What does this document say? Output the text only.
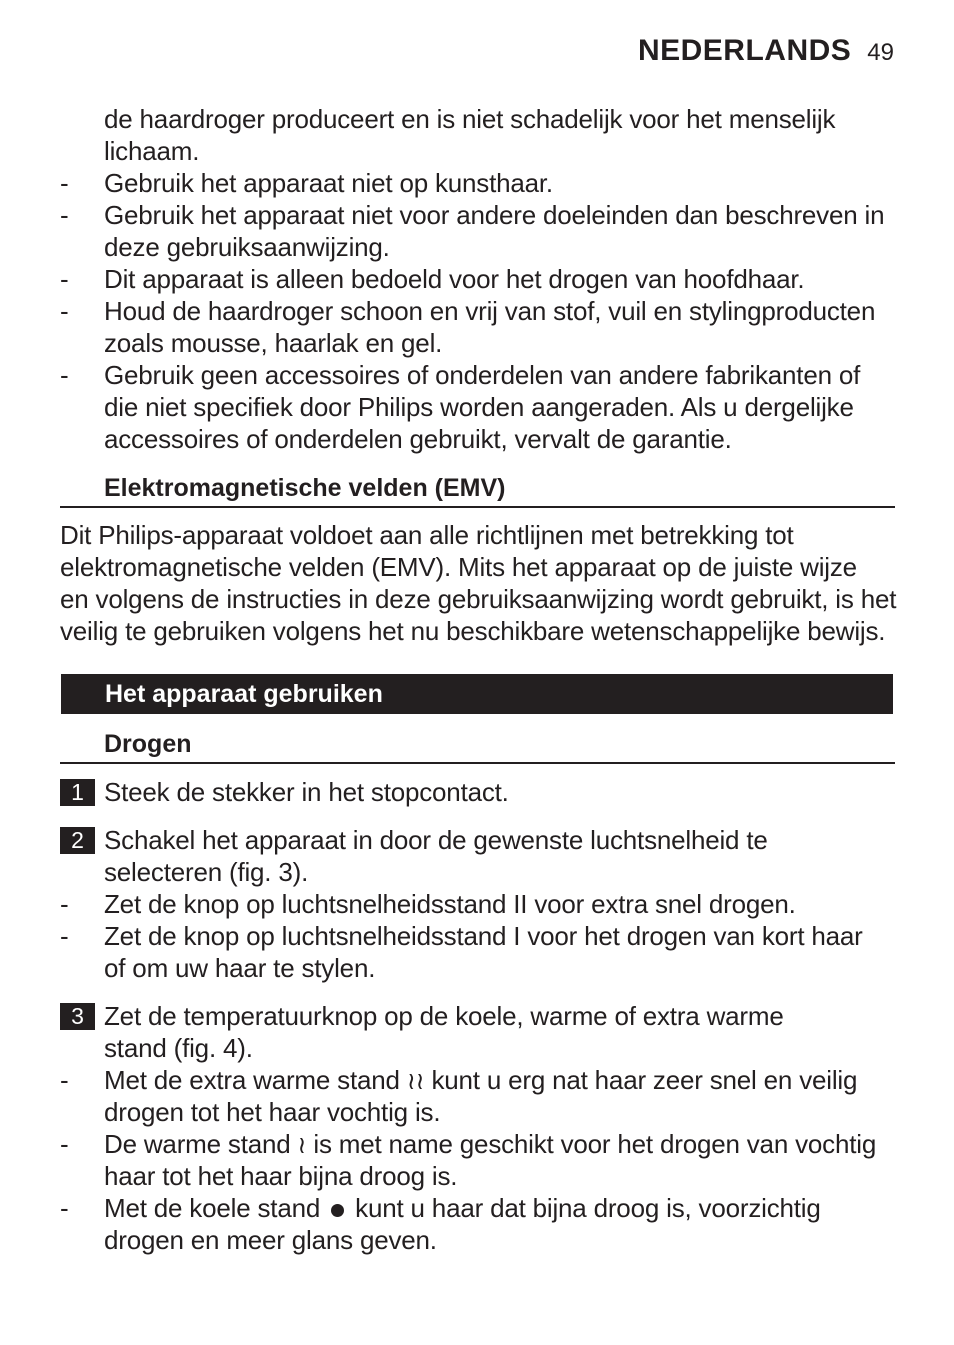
NEDERLANDS 49
de haardroger produceert en is niet schadelijk voor het menselijk
lichaam.
- Gebruik het apparaat niet op kunsthaar.
- Gebruik het apparaat niet voor andere doeleinden dan beschreven in
deze gebruiksaanwijzing.
- Dit apparaat is alleen bedoeld voor het drogen van hoofdhaar.
- Houd de haardroger schoon en vrij van stof, vuil en stylingproducten
zoals mousse, haarlak en gel.
- Gebruik geen accessoires of onderdelen van andere fabrikanten of
die niet specifiek door Philips worden aangeraden. Als u dergelijke
accessoires of onderdelen gebruikt, vervalt de garantie.
Elektromagnetische velden (EMV)
Dit Philips-apparaat voldoet aan alle richtlijnen met betrekking tot
elektromagnetische velden (EMV). Mits het apparaat op de juiste wijze
en volgens de instructies in deze gebruiksaanwijzing wordt gebruikt, is het
veilig te gebruiken volgens het nu beschikbare wetenschappelijke bewijs.
Het apparaat gebruiken
Drogen
1 Steek de stekker in het stopcontact.
2 Schakel het apparaat in door de gewenste luchtsnelheid te
selecteren (fig. 3).
- Zet de knop op luchtsnelheidsstand II voor extra snel drogen.
- Zet de knop op luchtsnelheidsstand I voor het drogen van kort haar
of om uw haar te stylen.
3 Zet de temperatuurknop op de koele, warme of extra warme
stand (fig. 4).
- Met de extra warme stand ≀≀ kunt u erg nat haar zeer snel en veilig
drogen tot het haar vochtig is.
- De warme stand ≀ is met name geschikt voor het drogen van vochtig
haar tot het haar bijna droog is.
- Met de koele stand kunt u haar dat bijna droog is, voorzichtig
drogen en meer glans geven.
